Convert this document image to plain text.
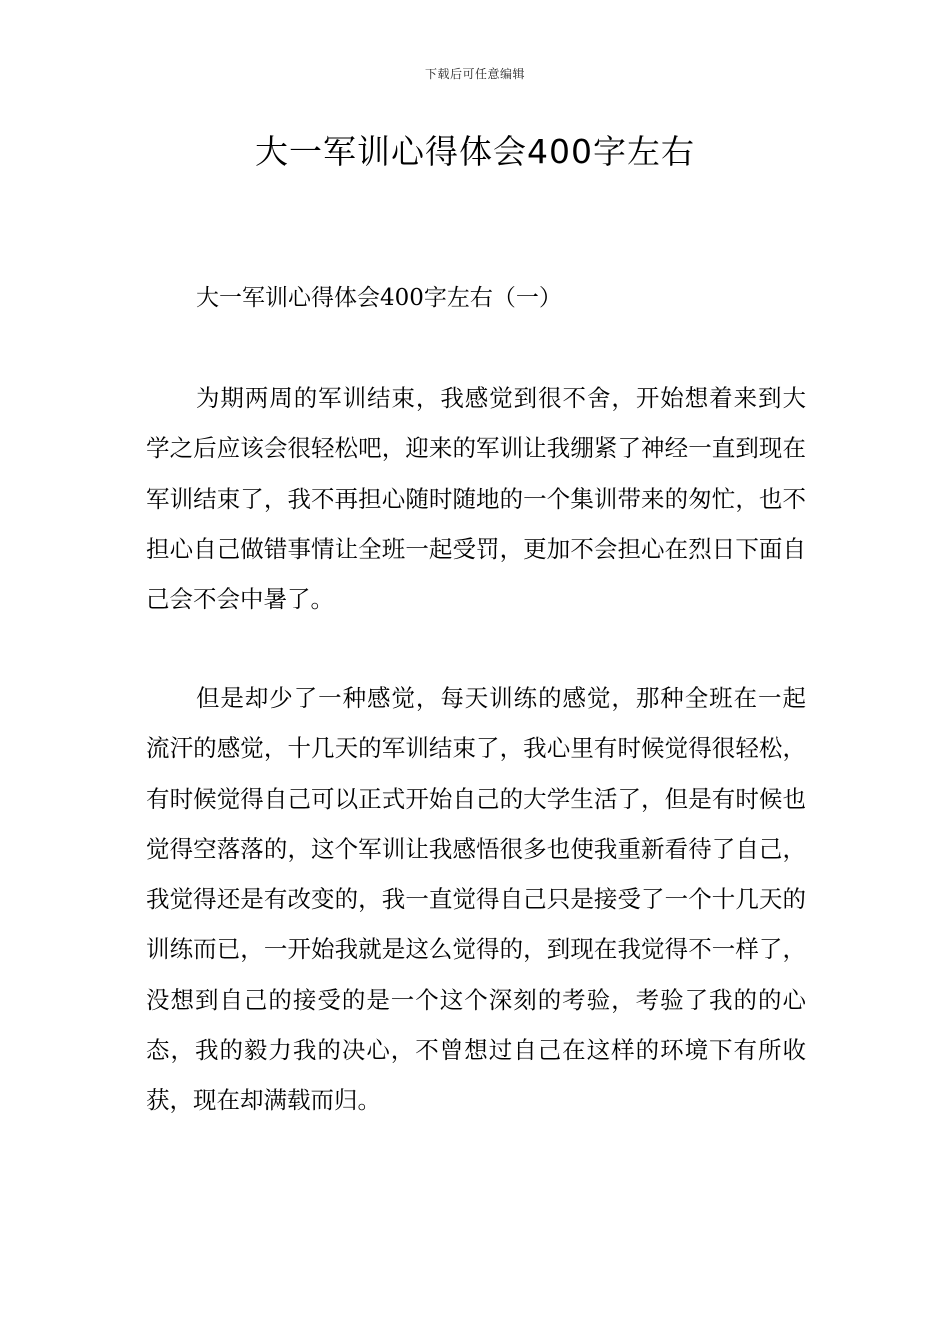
下载后可任意编辑
大一军训心得体会400字左右
大一军训心得体会400字左右（一）

为期两周的军训结束，我感觉到很不舍，开始想着来到大学之后应该会很轻松吧，迎来的军训让我绷紧了神经一直到现在军训结束了，我不再担心随时随地的一个集训带来的匆忙，也不担心自己做错事情让全班一起受罚，更加不会担心在烈日下面自己会不会中暑了。

但是却少了一种感觉，每天训练的感觉，那种全班在一起流汗的感觉，十几天的军训结束了，我心里有时候觉得很轻松，有时候觉得自己可以正式开始自己的大学生活了，但是有时候也觉得空落落的，这个军训让我感悟很多也使我重新看待了自己，我觉得还是有改变的，我一直觉得自己只是接受了一个十几天的训练而已，一开始我就是这么觉得的，到现在我觉得不一样了，没想到自己的接受的是一个这个深刻的考验，考验了我的的心态，我的毅力我的决心，不曾想过自己在这样的环境下有所收获，现在却满载而归。
